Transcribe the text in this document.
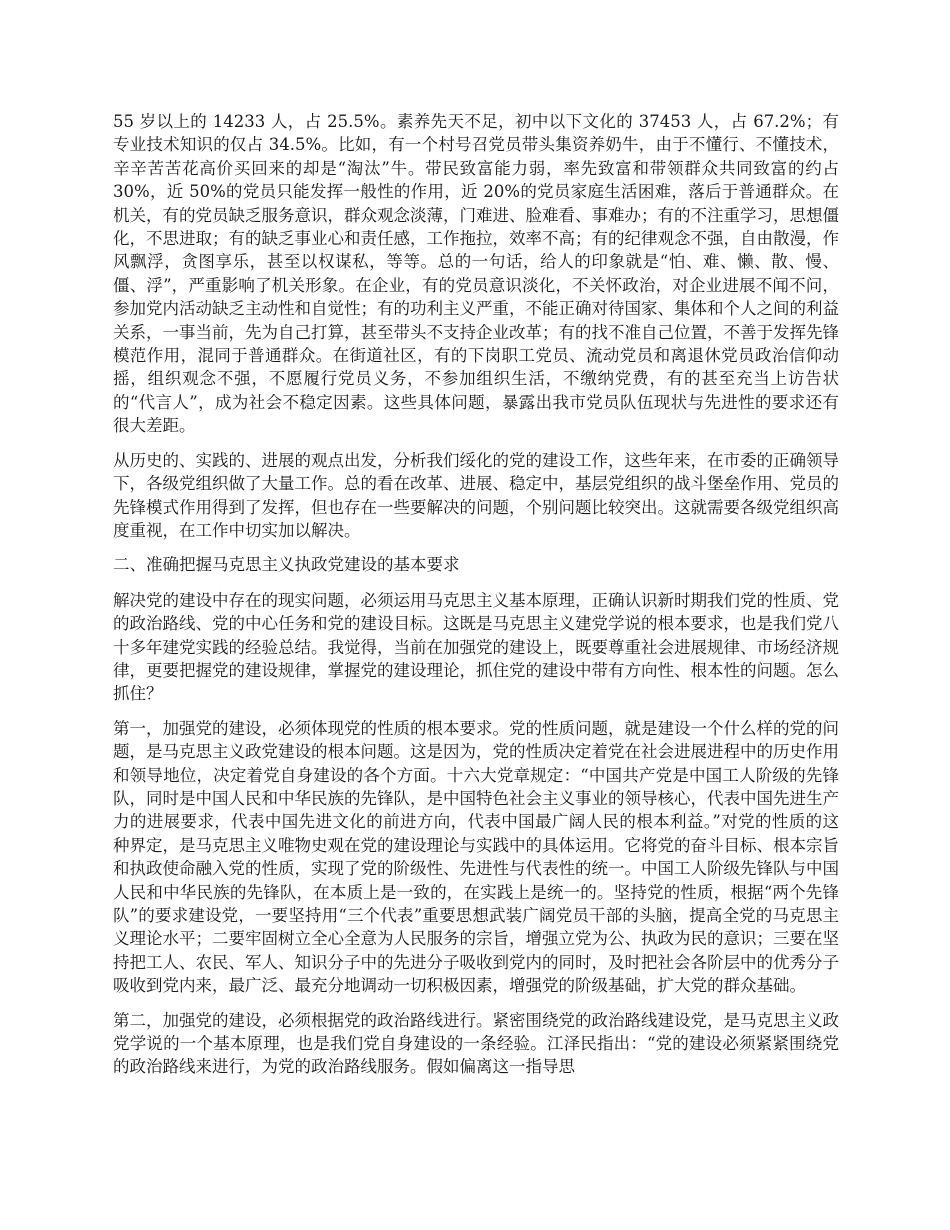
55 岁以上的 14233 人，占 25.5%。素养先天不足，初中以下文化的 37453 人，占 67.2%；有专业技术知识的仅占 34.5%。比如，有一个村号召党员带头集资养奶牛，由于不懂行、不懂技术，辛辛苦苦花高价买回来的却是“淘汰”牛。带民致富能力弱，率先致富和带领群众共同致富的约占 30%，近 50%的党员只能发挥一般性的作用，近 20%的党员家庭生活困难，落后于普通群众。在机关，有的党员缺乏服务意识，群众观念淡薄，门难进、脸难看、事难办；有的不注重学习，思想僵化，不思进取；有的缺乏事业心和责任感，工作拖拉，效率不高；有的纪律观念不强，自由散漫，作风飘浮，贪图享乐，甚至以权谋私，等等。总的一句话，给人的印象就是“怕、难、懒、散、慢、僵、浮”，严重影响了机关形象。在企业，有的党员意识淡化，不关怀政治，对企业进展不闻不问，参加党内活动缺乏主动性和自觉性；有的功利主义严重，不能正确对待国家、集体和个人之间的利益关系，一事当前，先为自己打算，甚至带头不支持企业改革；有的找不准自己位置，不善于发挥先锋模范作用，混同于普通群众。在街道社区，有的下岗职工党员、流动党员和离退休党员政治信仰动摇，组织观念不强，不愿履行党员义务，不参加组织生活，不缴纳党费，有的甚至充当上访告状的“代言人”，成为社会不稳定因素。这些具体问题，暴露出我市党员队伍现状与先进性的要求还有很大差距。

从历史的、实践的、进展的观点出发，分析我们绥化的党的建设工作，这些年来，在市委的正确领导下，各级党组织做了大量工作。总的看在改革、进展、稳定中，基层党组织的战斗堡垒作用、党员的先锋模式作用得到了发挥，但也存在一些要解决的问题，个别问题比较突出。这就需要各级党组织高度重视，在工作中切实加以解决。

二、准确把握马克思主义执政党建设的基本要求

解决党的建设中存在的现实问题，必须运用马克思主义基本原理，正确认识新时期我们党的性质、党的政治路线、党的中心任务和党的建设目标。这既是马克思主义建党学说的根本要求，也是我们党八十多年建党实践的经验总结。我觉得，当前在加强党的建设上，既要尊重社会进展规律、市场经济规律，更要把握党的建设规律，掌握党的建设理论，抓住党的建设中带有方向性、根本性的问题。怎么抓住？

第一，加强党的建设，必须体现党的性质的根本要求。党的性质问题，就是建设一个什么样的党的问题，是马克思主义政党建设的根本问题。这是因为，党的性质决定着党在社会进展进程中的历史作用和领导地位，决定着党自身建设的各个方面。十六大党章规定：“中国共产党是中国工人阶级的先锋队，同时是中国人民和中华民族的先锋队，是中国特色社会主义事业的领导核心，代表中国先进生产力的进展要求，代表中国先进文化的前进方向，代表中国最广阔人民的根本利益。”对党的性质的这种界定，是马克思主义唯物史观在党的建设理论与实践中的具体运用。它将党的奋斗目标、根本宗旨和执政使命融入党的性质，实现了党的阶级性、先进性与代表性的统一。中国工人阶级先锋队与中国人民和中华民族的先锋队，在本质上是一致的，在实践上是统一的。坚持党的性质，根据“两个先锋队”的要求建设党，一要坚持用“三个代表”重要思想武装广阔党员干部的头脑，提高全党的马克思主义理论水平；二要牢固树立全心全意为人民服务的宗旨，增强立党为公、执政为民的意识；三要在坚持把工人、农民、军人、知识分子中的先进分子吸收到党内的同时，及时把社会各阶层中的优秀分子吸收到党内来，最广泛、最充分地调动一切积极因素，增强党的阶级基础，扩大党的群众基础。

第二，加强党的建设，必须根据党的政治路线进行。紧密围绕党的政治路线建设党，是马克思主义政党学说的一个基本原理，也是我们党自身建设的一条经验。江泽民指出：“党的建设必须紧紧围绕党的政治路线来进行，为党的政治路线服务。假如偏离这一指导思
